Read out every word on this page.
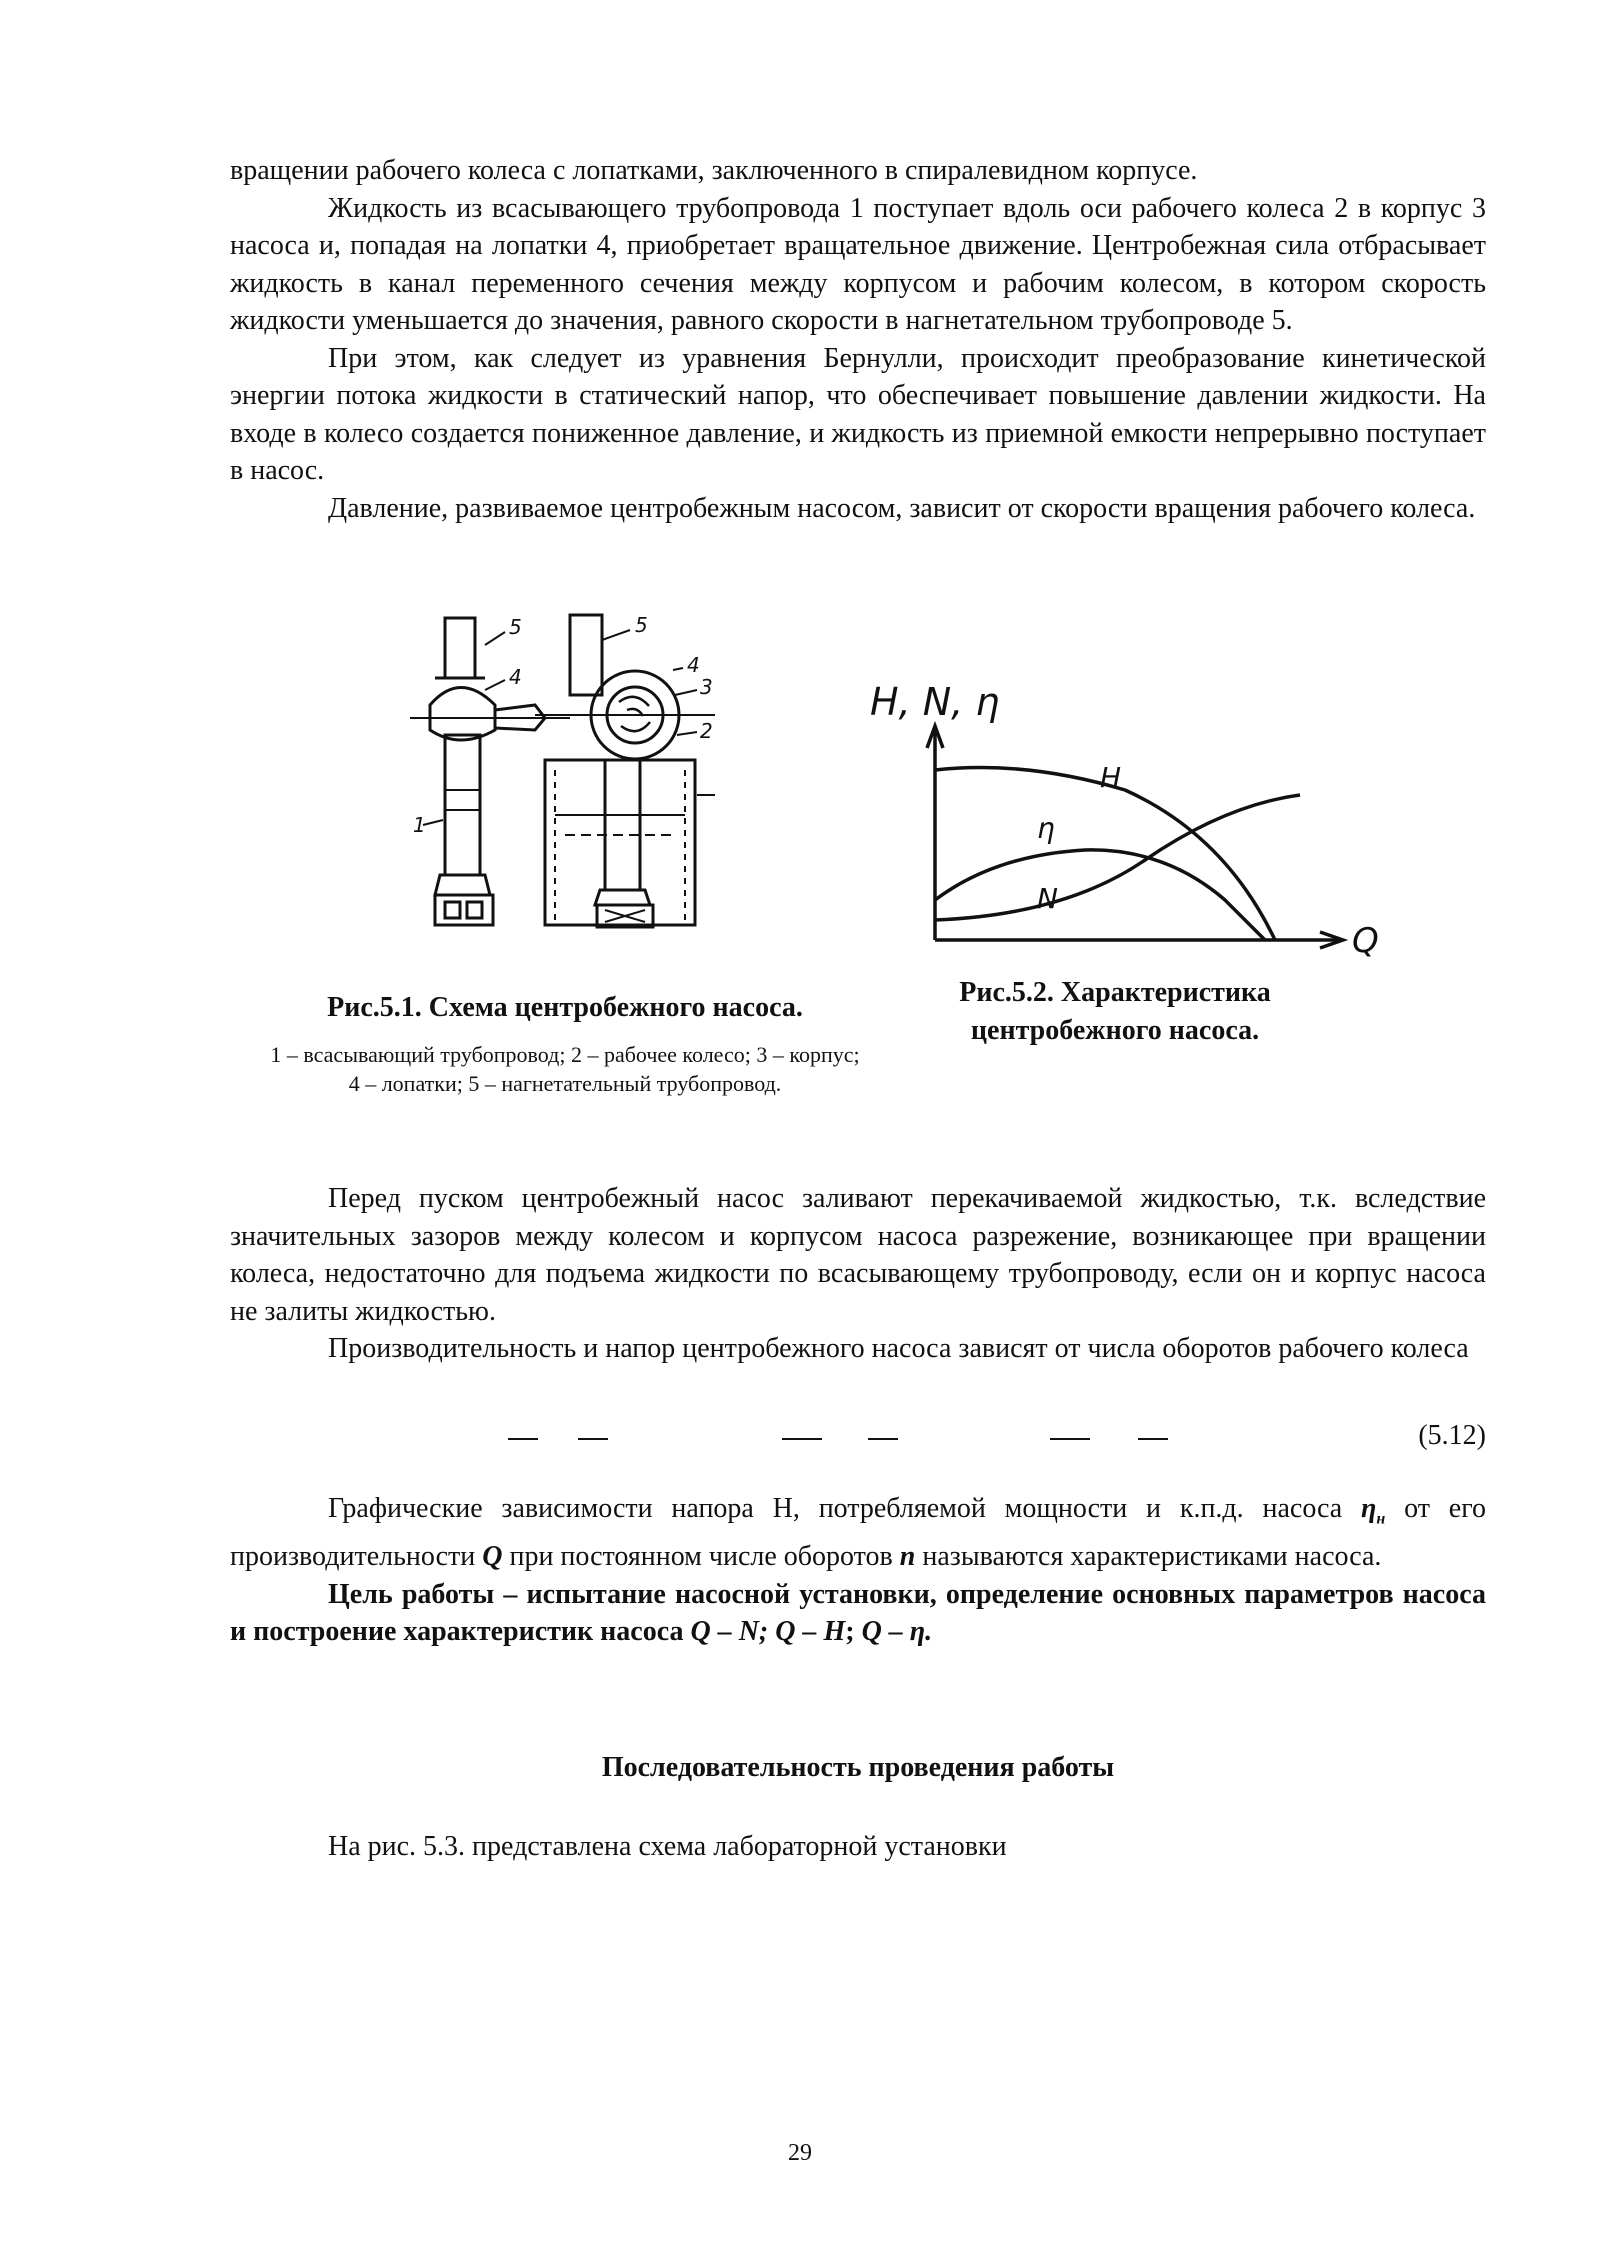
вращении рабочего колеса с лопатками, заключенного в спиралевидном корпусе.

Жидкость из всасывающего трубопровода 1 поступает вдоль оси рабочего колеса 2 в корпус 3 насоса и, попадая на лопатки 4, приобретает вращательное движение. Центробежная сила отбрасывает жидкость в канал переменного сечения между корпусом и рабочим колесом, в котором скорость жидкости уменьшается до значения, равного скорости в нагнетательном трубопроводе 5.

При этом, как следует из уравнения Бернулли, происходит преобразование кинетической энергии потока жидкости в статический напор, что обеспечивает повышение давлении жидкости. На входе в колесо создается пониженное давление, и жидкость из приемной емкости непрерывно поступает в насос.

Давление, развиваемое центробежным насосом, зависит от скорости вращения рабочего колеса.

5
4
5
4
3
2
1
H, N, η
Q
H
η
N
Рис.5.1. Схема центробежного насоса.
1 – всасывающий трубопровод; 2 – рабочее колесо; 3 – корпус; 4 – лопатки; 5 – нагнетательный трубопровод.
Рис.5.2. Характеристика центробежного насоса.

Перед пуском центробежный насос заливают перекачиваемой жидкостью, т.к. вследствие значительных зазоров между колесом и корпусом насоса разрежение, возникающее при вращении колеса, недостаточно для подъема жидкости по всасывающему трубопроводу, если он и корпус насоса не залиты жидкостью.

Производительность и напор центробежного насоса зависят от числа оборотов рабочего колеса

(5.12)

Графические зависимости напора H, потребляемой мощности и к.п.д. насоса $\eta_н$ от его производительности Q при постоянном числе оборотов n называются характеристиками насоса.

Цель работы – испытание насосной установки, определение основных параметров насоса и построение характеристик насоса Q – N; Q – H; Q – η.

Последовательность проведения работы

На рис. 5.3. представлена схема лабораторной установки

29
